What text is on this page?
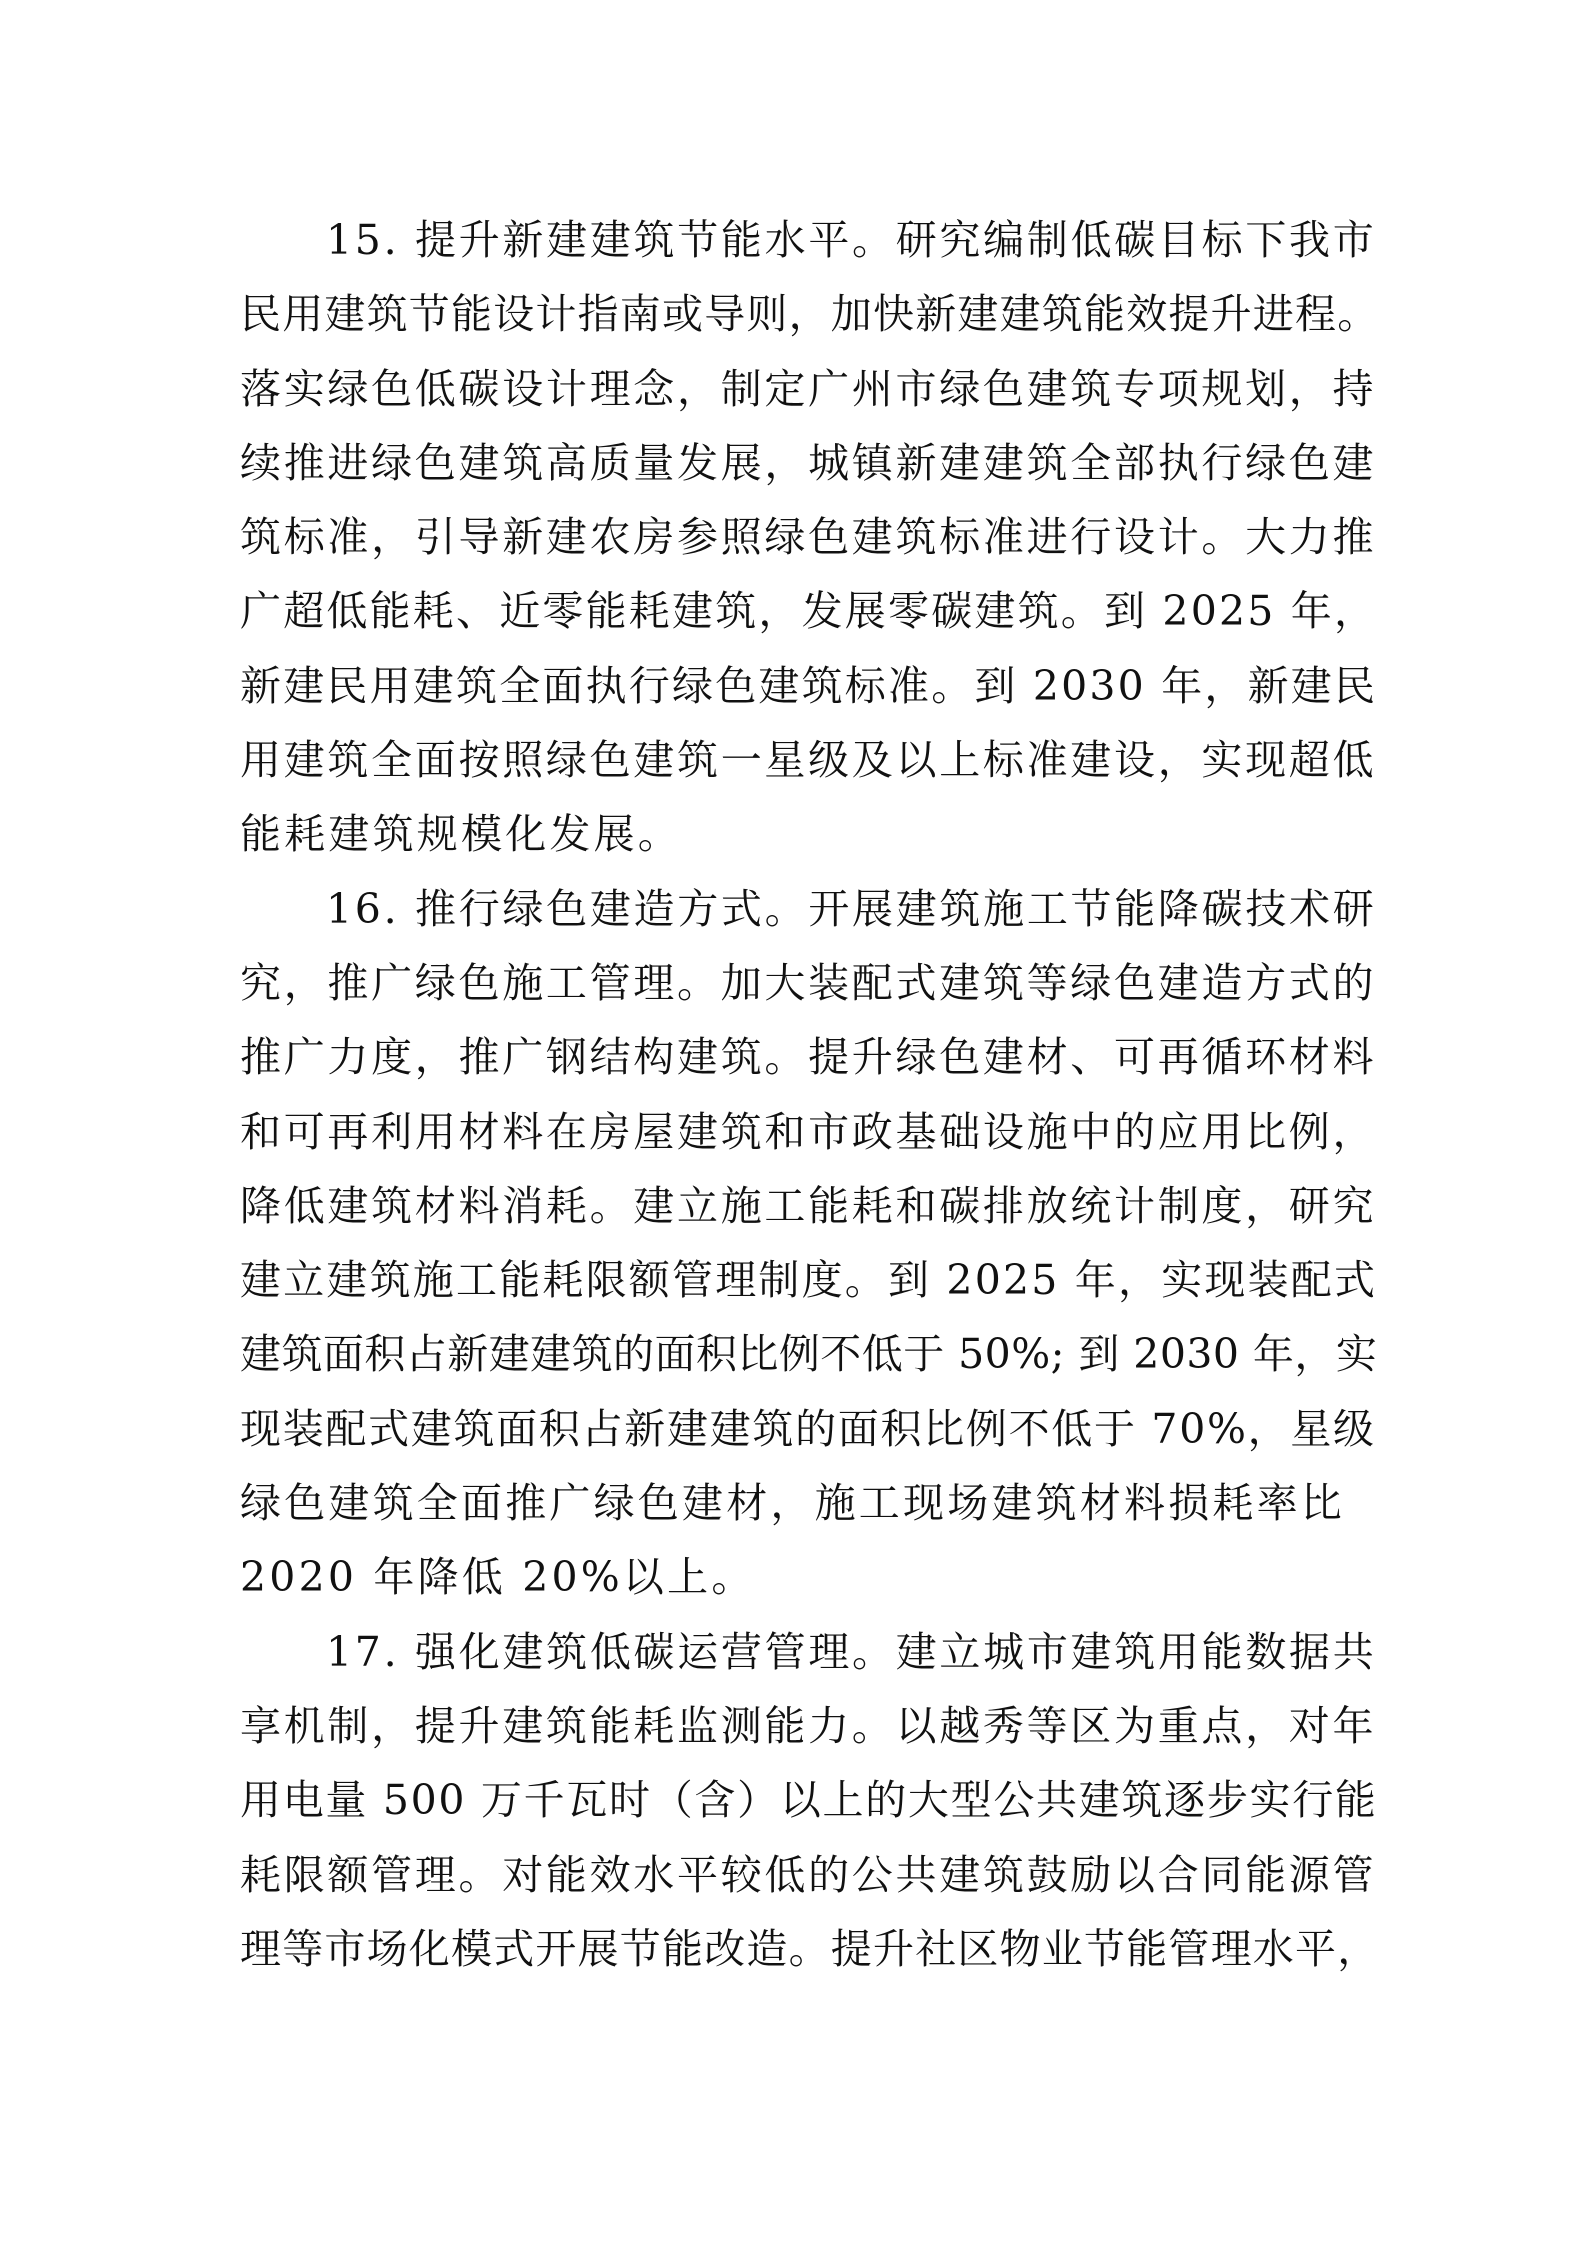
15. 提升新建建筑节能水平。研究编制低碳目标下我市
民用建筑节能设计指南或导则，加快新建建筑能效提升进程。
落实绿色低碳设计理念，制定广州市绿色建筑专项规划，持
续推进绿色建筑高质量发展，城镇新建建筑全部执行绿色建
筑标准，引导新建农房参照绿色建筑标准进行设计。大力推
广超低能耗、近零能耗建筑，发展零碳建筑。到 2025 年，
新建民用建筑全面执行绿色建筑标准。到 2030 年，新建民
用建筑全面按照绿色建筑一星级及以上标准建设，实现超低
能耗建筑规模化发展。
16. 推行绿色建造方式。开展建筑施工节能降碳技术研
究，推广绿色施工管理。加大装配式建筑等绿色建造方式的
推广力度，推广钢结构建筑。提升绿色建材、可再循环材料
和可再利用材料在房屋建筑和市政基础设施中的应用比例，
降低建筑材料消耗。建立施工能耗和碳排放统计制度，研究
建立建筑施工能耗限额管理制度。到 2025 年，实现装配式
建筑面积占新建建筑的面积比例不低于 50%; 到 2030 年，实
现装配式建筑面积占新建建筑的面积比例不低于 70%，星级
绿色建筑全面推广绿色建材，施工现场建筑材料损耗率比
2020 年降低 20%以上。
17. 强化建筑低碳运营管理。建立城市建筑用能数据共
享机制，提升建筑能耗监测能力。以越秀等区为重点，对年
用电量 500 万千瓦时（含）以上的大型公共建筑逐步实行能
耗限额管理。对能效水平较低的公共建筑鼓励以合同能源管
理等市场化模式开展节能改造。提升社区物业节能管理水平，
